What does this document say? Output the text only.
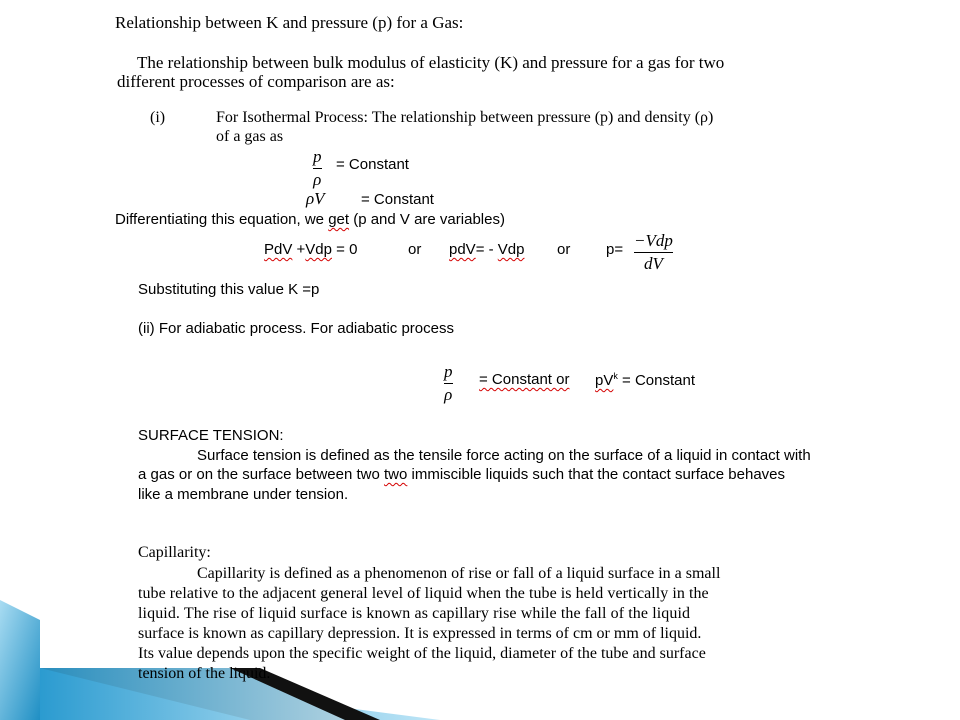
Relationship between K and pressure (p) for a Gas:
The relationship between bulk modulus of elasticity (K) and pressure for a gas for two
different processes of comparison are as:
(i)	For Isothermal Process: The relationship between pressure (p) and density (ρ)
of a gas as
p
ρ
= Constant
ρV = Constant
Differentiating this equation, we get (p and V are variables)
PdV +Vdp = 0	or pdV= - Vdp or p= −Vdp
dV
Substituting this value K =p
(ii) For adiabatic process. For adiabatic process
p
ρ
= Constant or $pV^k$ = Constant
SURFACE TENSION:
Surface tension is defined as the tensile force acting on the surface of a liquid in contact with
a gas or on the surface between two two immiscible liquids such that the contact surface behaves
like a membrane under tension.
Capillarity:
Capillarity is defined as a phenomenon of rise or fall of a liquid surface in a small
tube relative to the adjacent general level of liquid when the tube is held vertically in the
liquid. The rise of liquid surface is known as capillary rise while the fall of the liquid
surface is known as capillary depression. It is expressed in terms of cm or mm of liquid.
Its value depends upon the specific weight of the liquid, diameter of the tube and surface
tension of the liquid.
